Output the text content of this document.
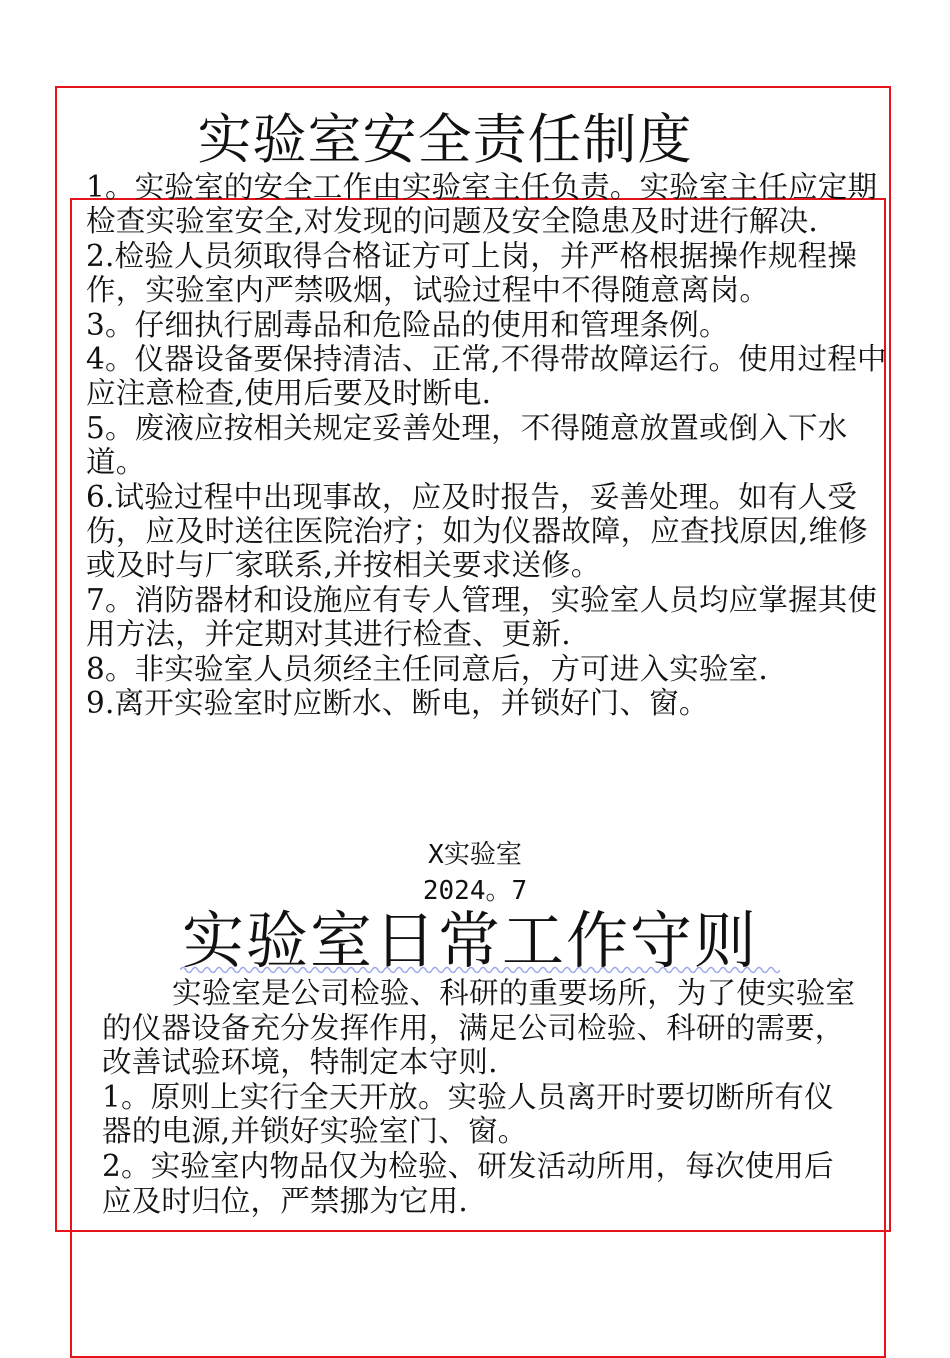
实验室安全责任制度

1。实验室的安全工作由实验室主任负责。实验室主任应定期检查实验室安全,对发现的问题及安全隐患及时进行解决.

2.检验人员须取得合格证方可上岗，并严格根据操作规程操作，实验室内严禁吸烟，试验过程中不得随意离岗。

3。仔细执行剧毒品和危险品的使用和管理条例。

4。仪器设备要保持清洁、正常,不得带故障运行。使用过程中应注意检查,使用后要及时断电.

5。废液应按相关规定妥善处理，不得随意放置或倒入下水道。

6.试验过程中出现事故，应及时报告，妥善处理。如有人受伤，应及时送往医院治疗；如为仪器故障，应查找原因,维修或及时与厂家联系,并按相关要求送修。

7。消防器材和设施应有专人管理，实验室人员均应掌握其使用方法，并定期对其进行检查、更新.

8。非实验室人员须经主任同意后，方可进入实验室.

9.离开实验室时应断水、断电，并锁好门、窗。

X实验室
2024。7
实验室日常工作守则

实验室是公司检验、科研的重要场所，为了使实验室的仪器设备充分发挥作用，满足公司检验、科研的需要，改善试验环境，特制定本守则.

1。原则上实行全天开放。实验人员离开时要切断所有仪器的电源,并锁好实验室门、窗。

2。实验室内物品仅为检验、研发活动所用，每次使用后应及时归位，严禁挪为它用.
